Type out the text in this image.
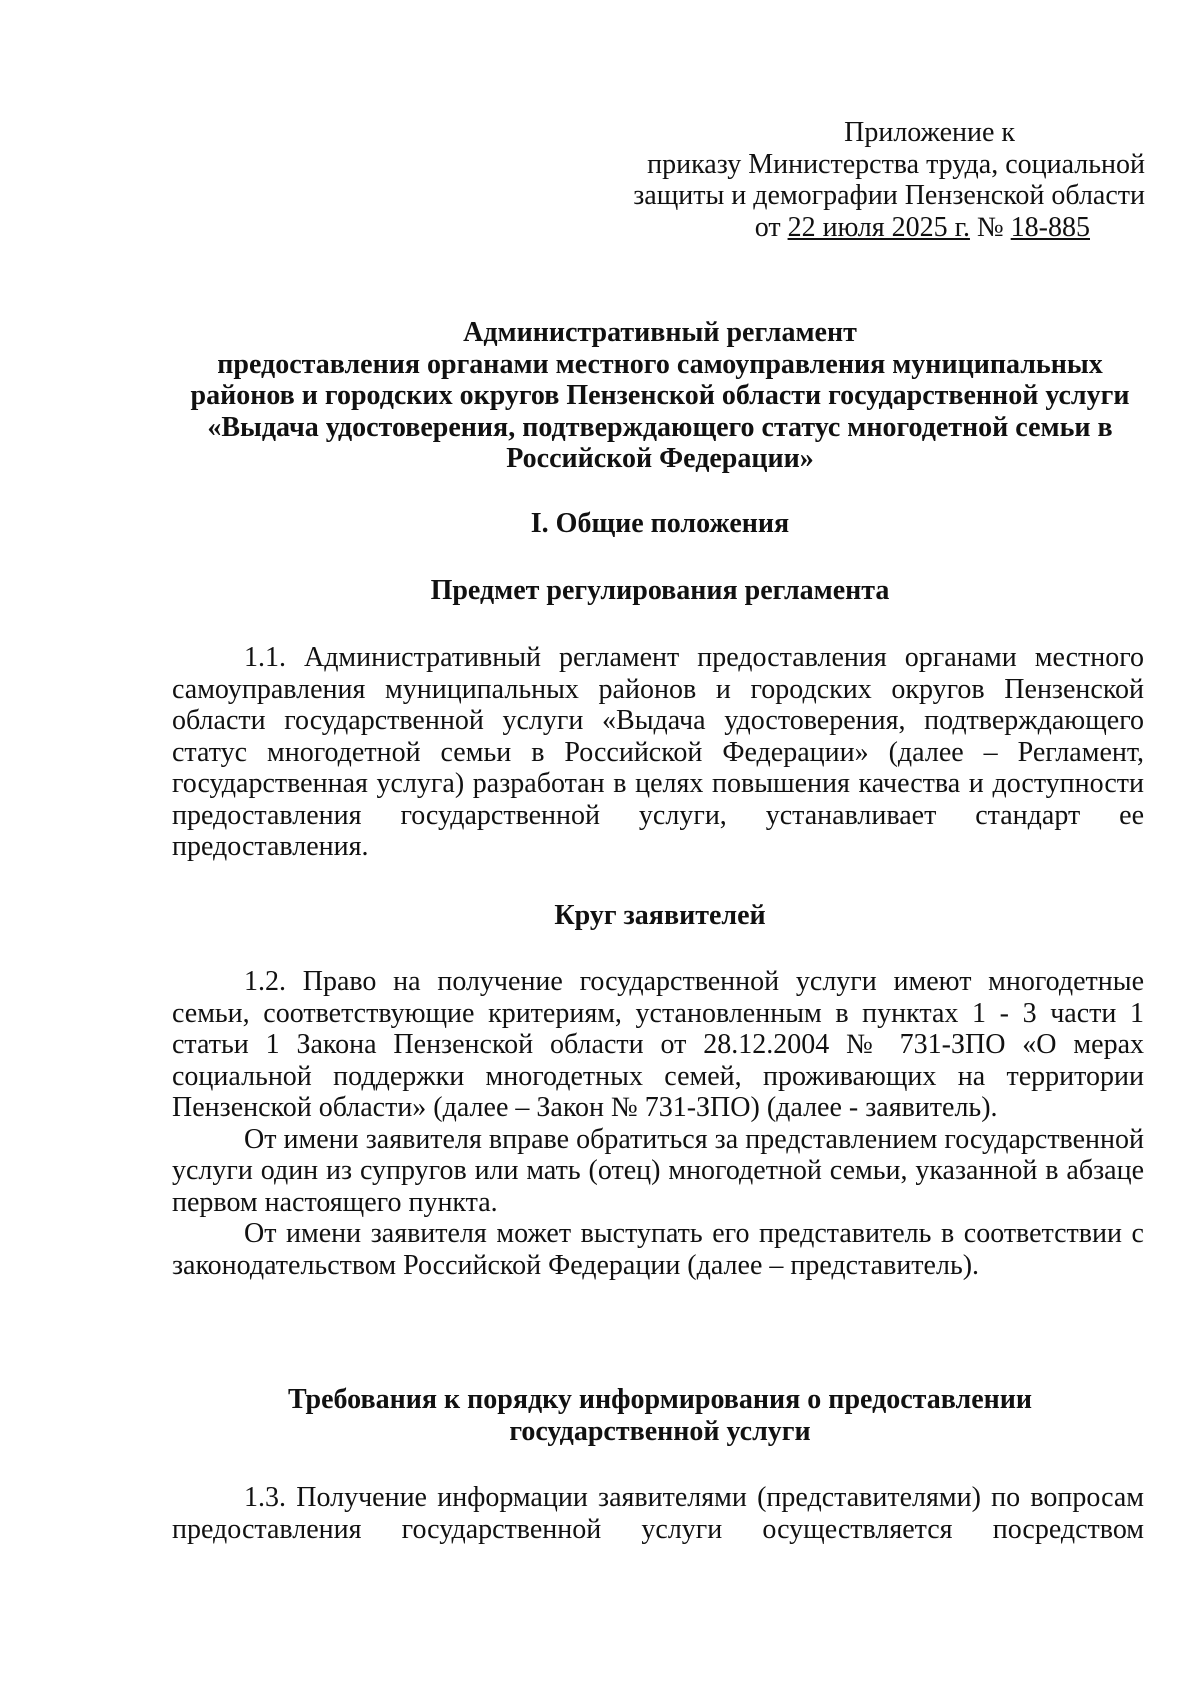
Приложение к
приказу Министерства труда, социальной
защиты и демографии Пензенской области
от 22 июля 2025 г. № 18-885
Административный регламент
предоставления органами местного самоуправления муниципальных
районов и городских округов Пензенской области государственной услуги
«Выдача удостоверения, подтверждающего статус многодетной семьи в
Российской Федерации»
I. Общие положения
Предмет регулирования регламента

1.1. Административный регламент предоставления органами местного самоуправления муниципальных районов и городских округов Пензенской области государственной услуги «Выдача удостоверения, подтверждающего статус многодетной семьи в Российской Федерации» (далее – Регламент, государственная услуга) разработан в целях повышения качества и доступности предоставления государственной услуги, устанавливает стандарт ее предоставления.

Круг заявителей

1.2. Право на получение государственной услуги имеют многодетные семьи, соответствующие критериям, установленным в пунктах 1 - 3 части 1 статьи 1 Закона Пензенской области от 28.12.2004 № 731-ЗПО «О мерах социальной поддержки многодетных семей, проживающих на территории Пензенской области» (далее – Закон № 731-ЗПО) (далее - заявитель).

От имени заявителя вправе обратиться за представлением государственной услуги один из супругов или мать (отец) многодетной семьи, указанной в абзаце первом настоящего пункта.

От имени заявителя может выступать его представитель в соответствии с законодательством Российской Федерации (далее – представитель).

Требования к порядку информирования о предоставлении
государственной услуги

1.3. Получение информации заявителями (представителями) по вопросам предоставления государственной услуги осуществляется посредством
